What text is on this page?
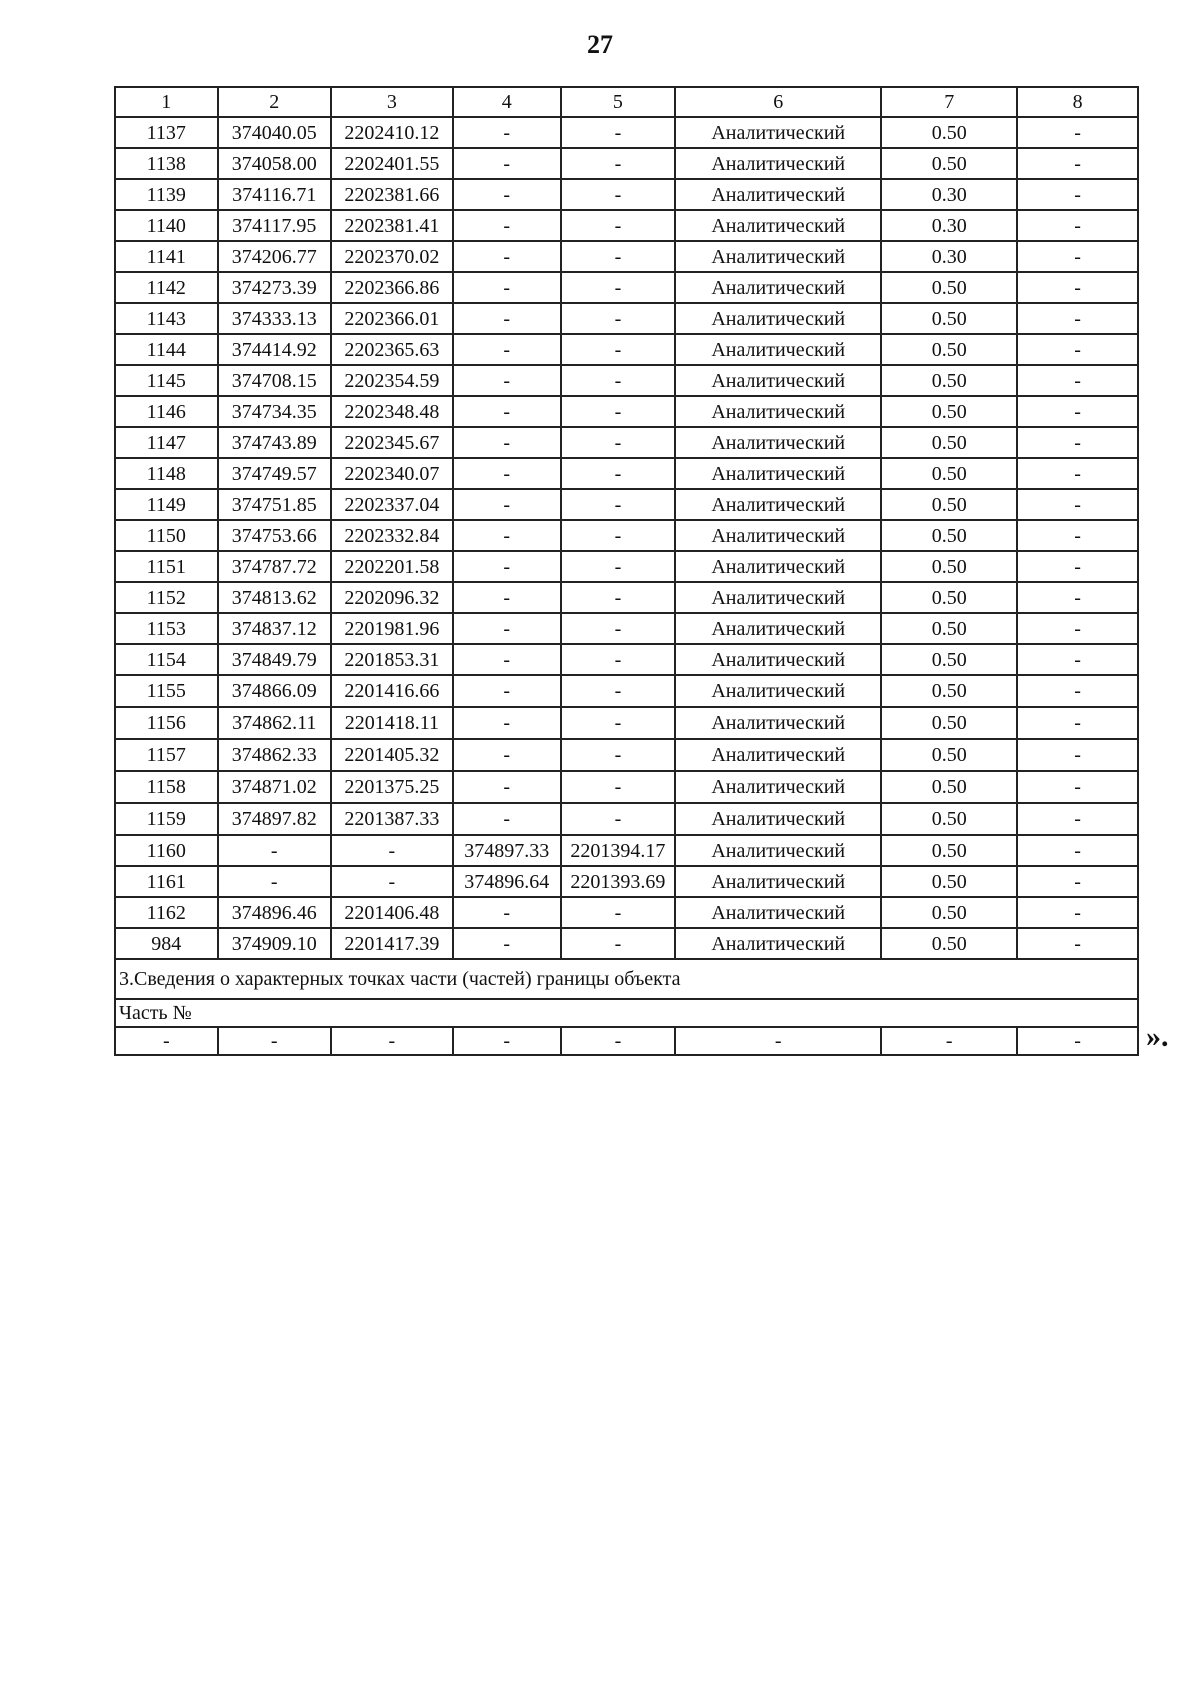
27
1	2	3	4	5	6	7	8
1137	374040.05	2202410.12	-	-	Аналитический	0.50	-
1138	374058.00	2202401.55	-	-	Аналитический	0.50	-
1139	374116.71	2202381.66	-	-	Аналитический	0.30	-
1140	374117.95	2202381.41	-	-	Аналитический	0.30	-
1141	374206.77	2202370.02	-	-	Аналитический	0.30	-
1142	374273.39	2202366.86	-	-	Аналитический	0.50	-
1143	374333.13	2202366.01	-	-	Аналитический	0.50	-
1144	374414.92	2202365.63	-	-	Аналитический	0.50	-
1145	374708.15	2202354.59	-	-	Аналитический	0.50	-
1146	374734.35	2202348.48	-	-	Аналитический	0.50	-
1147	374743.89	2202345.67	-	-	Аналитический	0.50	-
1148	374749.57	2202340.07	-	-	Аналитический	0.50	-
1149	374751.85	2202337.04	-	-	Аналитический	0.50	-
1150	374753.66	2202332.84	-	-	Аналитический	0.50	-
1151	374787.72	2202201.58	-	-	Аналитический	0.50	-
1152	374813.62	2202096.32	-	-	Аналитический	0.50	-
1153	374837.12	2201981.96	-	-	Аналитический	0.50	-
1154	374849.79	2201853.31	-	-	Аналитический	0.50	-
1155	374866.09	2201416.66	-	-	Аналитический	0.50	-
1156	374862.11	2201418.11	-	-	Аналитический	0.50	-
1157	374862.33	2201405.32	-	-	Аналитический	0.50	-
1158	374871.02	2201375.25	-	-	Аналитический	0.50	-
1159	374897.82	2201387.33	-	-	Аналитический	0.50	-
1160	-	-	374897.33	2201394.17	Аналитический	0.50	-
1161	-	-	374896.64	2201393.69	Аналитический	0.50	-
1162	374896.46	2201406.48	-	-	Аналитический	0.50	-
984	374909.10	2201417.39	-	-	Аналитический	0.50	-
3.Сведения о характерных точках части (частей) границы объекта							
Часть №							
-	-	-	-	-	-	-	- ».
